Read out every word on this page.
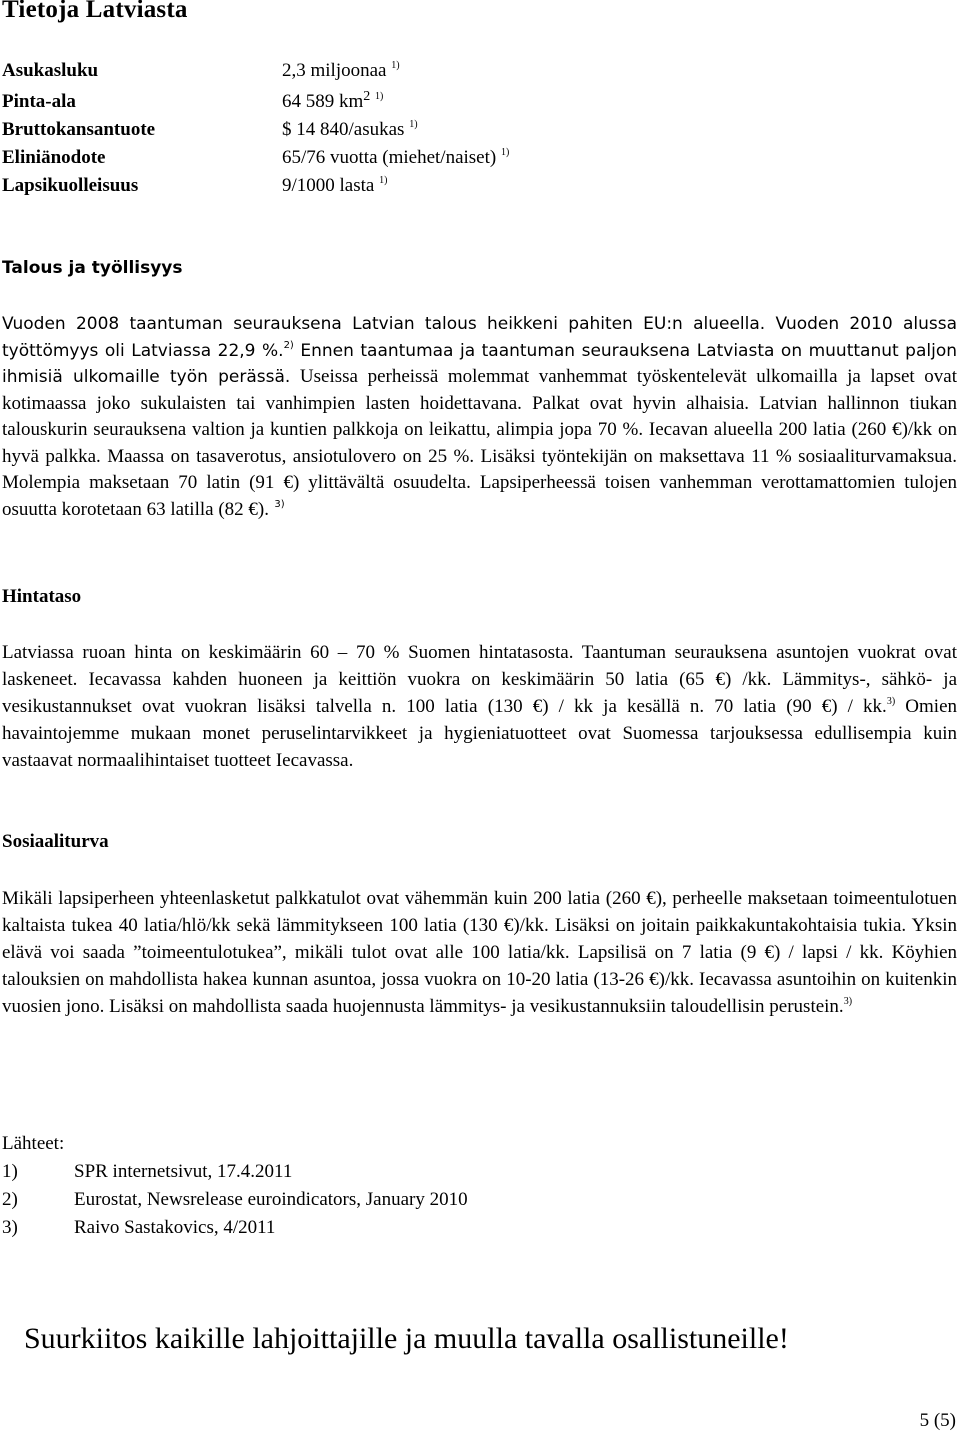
Tietoja Latviasta
Asukasluku	2,3 miljoonaa $^{1)}$
Pinta-ala	64 589 $km^2$ $^{1)}$
Bruttokansantuote	$ 14 840/asukas $^{1)}$
Eliniänodote	65/76 vuotta (miehet/naiset) $^{1)}$
Lapsikuolleisuus	9/1000 lasta $^{1)}$
Talous ja työllisyys

Vuoden 2008 taantuman seurauksena Latvian talous heikkeni pahiten EU:n alueella. Vuoden 2010 alussa työttömyys oli Latviassa 22,9 %.$^{2)}$ Ennen taantumaa ja taantuman seurauksena Latviasta on muuttanut paljon ihmisiä ulkomaille työn perässä. Useissa perheissä molemmat vanhemmat työskentelevät ulkomailla ja lapset ovat kotimaassa joko sukulaisten tai vanhimpien lasten hoidettavana. Palkat ovat hyvin alhaisia. Latvian hallinnon tiukan talouskurin seurauksena valtion ja kuntien palkkoja on leikattu, alimpia jopa 70 %. Iecavan alueella 200 latia (260 €)/kk on hyvä palkka. Maassa on tasaverotus, ansiotulovero on 25 %. Lisäksi työntekijän on maksettava 11 % sosiaaliturvamaksua. Molempia maksetaan 70 latin (91 €) ylittävältä osuudelta. Lapsiperheessä toisen vanhemman verottamattomien tulojen osuutta korotetaan 63 latilla (82 €). $^{3)}$

Hintataso

Latviassa ruoan hinta on keskimäärin 60 – 70 % Suomen hintatasosta. Taantuman seurauksena asuntojen vuokrat ovat laskeneet. Iecavassa kahden huoneen ja keittiön vuokra on keskimäärin 50 latia (65 €) /kk. Lämmitys-, sähkö- ja vesikustannukset ovat vuokran lisäksi talvella n. 100 latia (130 €) / kk ja kesällä n. 70 latia (90 €) / kk.$^{3)}$ Omien havaintojemme mukaan monet peruselintarvikkeet ja hygieniatuotteet ovat Suomessa tarjouksessa edullisempia kuin vastaavat normaalihintaiset tuotteet Iecavassa.

Sosiaaliturva

Mikäli lapsiperheen yhteenlasketut palkkatulot ovat vähemmän kuin 200 latia (260 €), perheelle maksetaan toimeentulotuen kaltaista tukea 40 latia/hlö/kk sekä lämmitykseen 100 latia (130 €)/kk. Lisäksi on joitain paikkakuntakohtaisia tukia. Yksin elävä voi saada ”toimeentulotukea”, mikäli tulot ovat alle 100 latia/kk. Lapsilisä on 7 latia (9 €) / lapsi / kk. Köyhien talouksien on mahdollista hakea kunnan asuntoa, jossa vuokra on 10-20 latia (13-26 €)/kk. Iecavassa asuntoihin on kuitenkin vuosien jono. Lisäksi on mahdollista saada huojennusta lämmitys- ja vesikustannuksiin taloudellisin perustein.$^{3)}$

Lähteet:
1)	SPR internetsivut, 17.4.2011
2)	Eurostat, Newsrelease euroindicators, January 2010
3)	Raivo Sastakovics, 4/2011

Suurkiitos kaikille lahjoittajille ja muulla tavalla osallistuneille!

5 (5)
